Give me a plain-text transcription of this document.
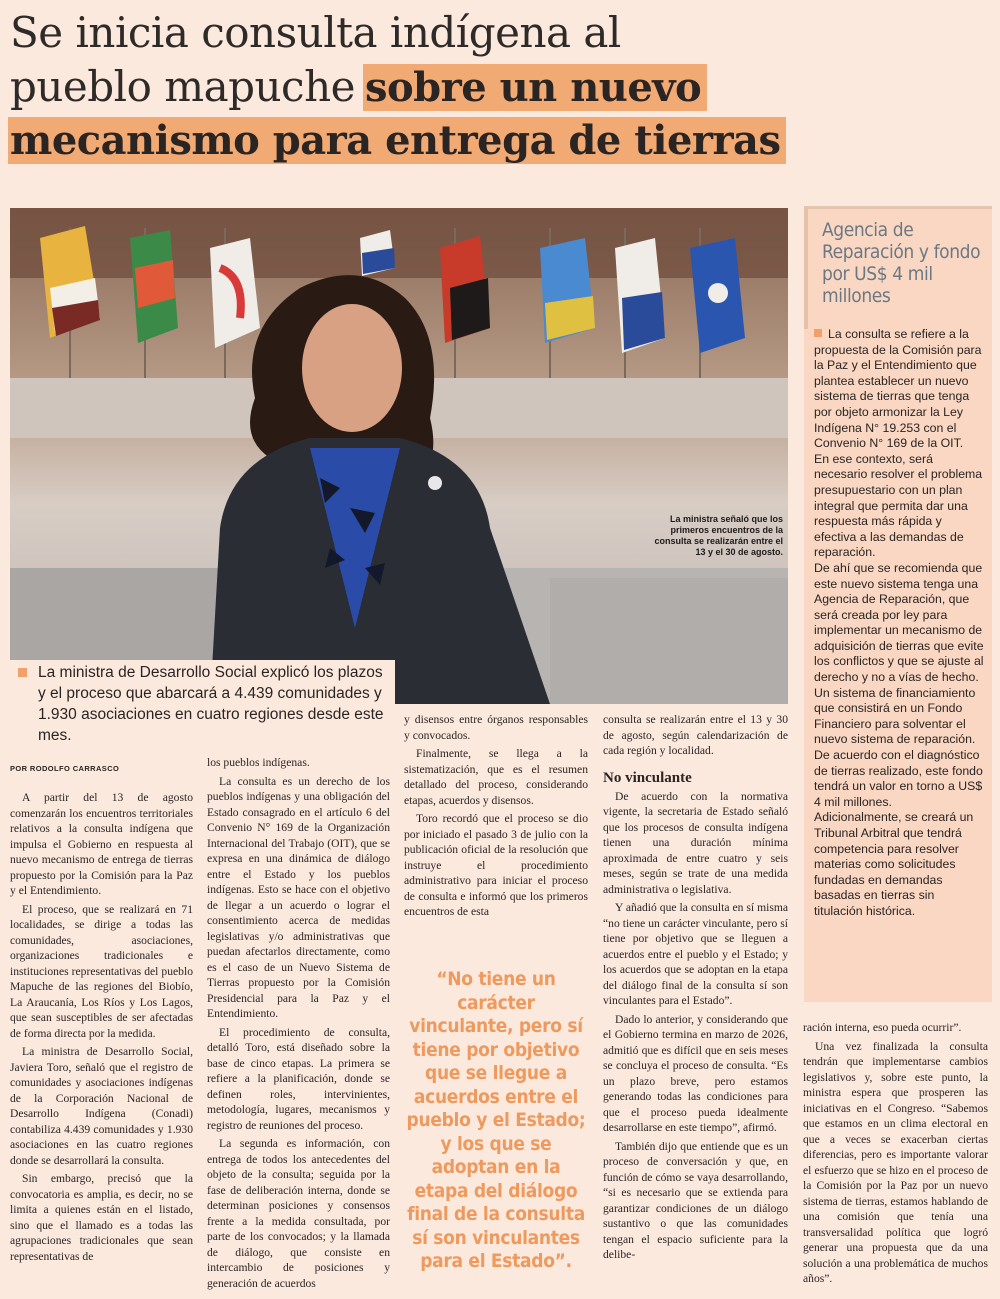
Se inicia consulta indígena al
pueblo mapuche sobre un nuevo
mecanismo para entrega de tierras
La ministra señaló que los primeros encuentros de la consulta se realizarán entre el 13 y el 30 de agosto.
La ministra de Desarrollo Social explicó los plazos y el proceso que abarcará a 4.439 comunidades y 1.930 asociaciones en cuatro regiones desde este mes.
POR RODOLFO CARRASCO

A partir del 13 de agosto comenzarán los encuentros territoriales relativos a la consulta indígena que impulsa el Gobierno en respuesta al nuevo mecanismo de entrega de tierras propuesto por la Comisión para la Paz y el Entendimiento.

El proceso, que se realizará en 71 localidades, se dirige a todas las comunidades, asociaciones, organizaciones tradicionales e instituciones representativas del pueblo Mapuche de las regiones del Biobío, La Araucanía, Los Ríos y Los Lagos, que sean susceptibles de ser afectadas de forma directa por la medida.

La ministra de Desarrollo Social, Javiera Toro, señaló que el registro de comunidades y asociaciones indígenas de la Corporación Nacional de Desarrollo Indígena (Conadi) contabiliza 4.439 comunidades y 1.930 asociaciones en las cuatro regiones donde se desarrollará la consulta.

Sin embargo, precisó que la convocatoria es amplia, es decir, no se limita a quienes están en el listado, sino que el llamado es a todas las agrupaciones tradicionales que sean representativas de

los pueblos indígenas.

La consulta es un derecho de los pueblos indígenas y una obligación del Estado consagrado en el artículo 6 del Convenio N° 169 de la Organización Internacional del Trabajo (OIT), que se expresa en una dinámica de diálogo entre el Estado y los pueblos indígenas. Esto se hace con el objetivo de llegar a un acuerdo o lograr el consentimiento acerca de medidas legislativas y/o administrativas que puedan afectarlos directamente, como es el caso de un Nuevo Sistema de Tierras propuesto por la Comisión Presidencial para la Paz y el Entendimiento.

El procedimiento de consulta, detalló Toro, está diseñado sobre la base de cinco etapas. La primera se refiere a la planificación, donde se definen roles, intervinientes, metodología, lugares, mecanismos y registro de reuniones del proceso.

La segunda es información, con entrega de todos los antecedentes del objeto de la consulta; seguida por la fase de deliberación interna, donde se determinan posiciones y consensos frente a la medida consultada, por parte de los convocados; y la llamada de diálogo, que consiste en intercambio de posiciones y generación de acuerdos

y disensos entre órganos responsables y convocados.

Finalmente, se llega a la sistematización, que es el resumen detallado del proceso, considerando etapas, acuerdos y disensos.

Toro recordó que el proceso se dio por iniciado el pasado 3 de julio con la publicación oficial de la resolución que instruye el procedimiento administrativo para iniciar el proceso de consulta e informó que los primeros encuentros de esta

“No tiene un carácter vinculante, pero sí tiene por objetivo que se llegue a acuerdos entre el pueblo y el Estado; y los que se adoptan en la etapa del diálogo final de la consulta sí son vinculantes para el Estado”.

consulta se realizarán entre el 13 y 30 de agosto, según calendarización de cada región y localidad.

No vinculante

De acuerdo con la normativa vigente, la secretaria de Estado señaló que los procesos de consulta indígena tienen una duración mínima aproximada de entre cuatro y seis meses, según se trate de una medida administrativa o legislativa.

Y añadió que la consulta en sí misma “no tiene un carácter vinculante, pero sí tiene por objetivo que se lleguen a acuerdos entre el pueblo y el Estado; y los acuerdos que se adoptan en la etapa del diálogo final de la consulta sí son vinculantes para el Estado”.

Dado lo anterior, y considerando que el Gobierno termina en marzo de 2026, admitió que es difícil que en seis meses se concluya el proceso de consulta. “Es un plazo breve, pero estamos generando todas las condiciones para que el proceso pueda idealmente desarrollarse en este tiempo”, afirmó.

También dijo que entiende que es un proceso de conversación y que, en función de cómo se vaya desarrollando, “si es necesario que se extienda para garantizar condiciones de un diálogo sustantivo o que las comunidades tengan el espacio suficiente para la delibe-

ración interna, eso pueda ocurrir”.

Una vez finalizada la consulta tendrán que implementarse cambios legislativos y, sobre este punto, la ministra espera que prosperen las iniciativas en el Congreso. “Sabemos que estamos en un clima electoral en que a veces se exacerban ciertas diferencias, pero es importante valorar el esfuerzo que se hizo en el proceso de la Comisión por la Paz por un nuevo sistema de tierras, estamos hablando de una comisión que tenía una transversalidad política que logró generar una propuesta que da una solución a una problemática de muchos años”.

Agencia de Reparación y fondo por US$ 4 mil millones

La consulta se refiere a la propuesta de la Comisión para la Paz y el Entendimiento que plantea establecer un nuevo sistema de tierras que tenga por objeto armonizar la Ley Indígena N° 19.253 con el Convenio N° 169 de la OIT.

En ese contexto, será necesario resolver el problema presupuestario con un plan integral que permita dar una respuesta más rápida y efectiva a las demandas de reparación.

De ahí que se recomienda que este nuevo sistema tenga una Agencia de Reparación, que será creada por ley para implementar un mecanismo de adquisición de tierras que evite los conflictos y que se ajuste al derecho y no a vías de hecho.

Un sistema de financiamiento que consistirá en un Fondo Financiero para solventar el nuevo sistema de reparación.

De acuerdo con el diagnóstico de tierras realizado, este fondo tendrá un valor en torno a US$ 4 mil millones.

Adicionalmente, se creará un Tribunal Arbitral que tendrá competencia para resolver materias como solicitudes fundadas en demandas basadas en tierras sin titulación histórica.
